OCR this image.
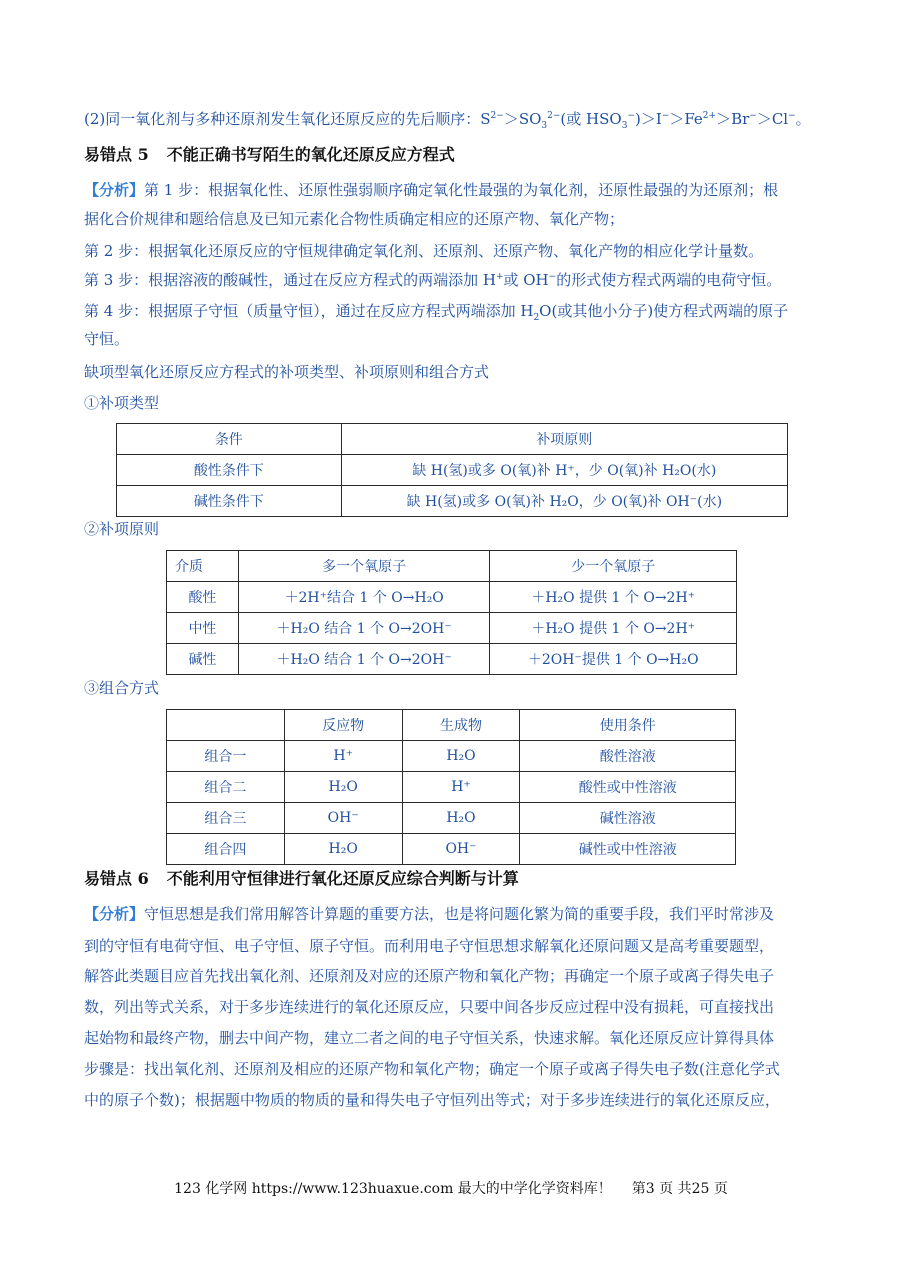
(2)同一氧化剂与多种还原剂发生氧化还原反应的先后顺序：$S^{2-}>SO_3^{2-}$(或 $HSO_3^-)>I^->Fe^{2+}>Br^->Cl^-$。
易错点 5 不能正确书写陌生的氧化还原反应方程式
【分析】第 1 步：根据氧化性、还原性强弱顺序确定氧化性最强的为氧化剂，还原性最强的为还原剂；根
据化合价规律和题给信息及已知元素化合物性质确定相应的还原产物、氧化产物；
第 2 步：根据氧化还原反应的守恒规律确定氧化剂、还原剂、还原产物、氧化产物的相应化学计量数。
第 3 步：根据溶液的酸碱性，通过在反应方程式的两端添加 H+或 OH−的形式使方程式两端的电荷守恒。
第 4 步：根据原子守恒（质量守恒），通过在反应方程式两端添加 $H_2O$(或其他小分子)使方程式两端的原子
守恒。
缺项型氧化还原反应方程式的补项类型、补项原则和组合方式
①补项类型
条件	补项原则
酸性条件下	缺 H(氢)或多 O(氧)补 H⁺，少 O(氧)补 H₂O(水)
碱性条件下	缺 H(氢)或多 O(氧)补 H₂O，少 O(氧)补 OH⁻(水)
②补项原则
介质	多一个氧原子	少一个氧原子
酸性	＋2H⁺结合 1 个 O→H₂O	＋H₂O 提供 1 个 O→2H⁺
中性	＋H₂O 结合 1 个 O→2OH⁻	＋H₂O 提供 1 个 O→2H⁺
碱性	＋H₂O 结合 1 个 O→2OH⁻	＋2OH⁻提供 1 个 O→H₂O
③组合方式
	反应物	生成物	使用条件
组合一	H⁺	H₂O	酸性溶液
组合二	H₂O	H⁺	酸性或中性溶液
组合三	OH⁻	H₂O	碱性溶液
组合四	H₂O	OH⁻	碱性或中性溶液
易错点 6 不能利用守恒律进行氧化还原反应综合判断与计算
【分析】守恒思想是我们常用解答计算题的重要方法，也是将问题化繁为简的重要手段，我们平时常涉及
到的守恒有电荷守恒、电子守恒、原子守恒。而利用电子守恒思想求解氧化还原问题又是高考重要题型，
解答此类题目应首先找出氧化剂、还原剂及对应的还原产物和氧化产物；再确定一个原子或离子得失电子
数，列出等式关系，对于多步连续进行的氧化还原反应，只要中间各步反应过程中没有损耗，可直接找出
起始物和最终产物，删去中间产物，建立二者之间的电子守恒关系，快速求解。氧化还原反应计算得具体
步骤是：找出氧化剂、还原剂及相应的还原产物和氧化产物；确定一个原子或离子得失电子数(注意化学式
中的原子个数)；根据题中物质的物质的量和得失电子守恒列出等式；对于多步连续进行的氧化还原反应，
123 化学网 https://www.123huaxue.com 最大的中学化学资料库！ 第3 页 共25 页
